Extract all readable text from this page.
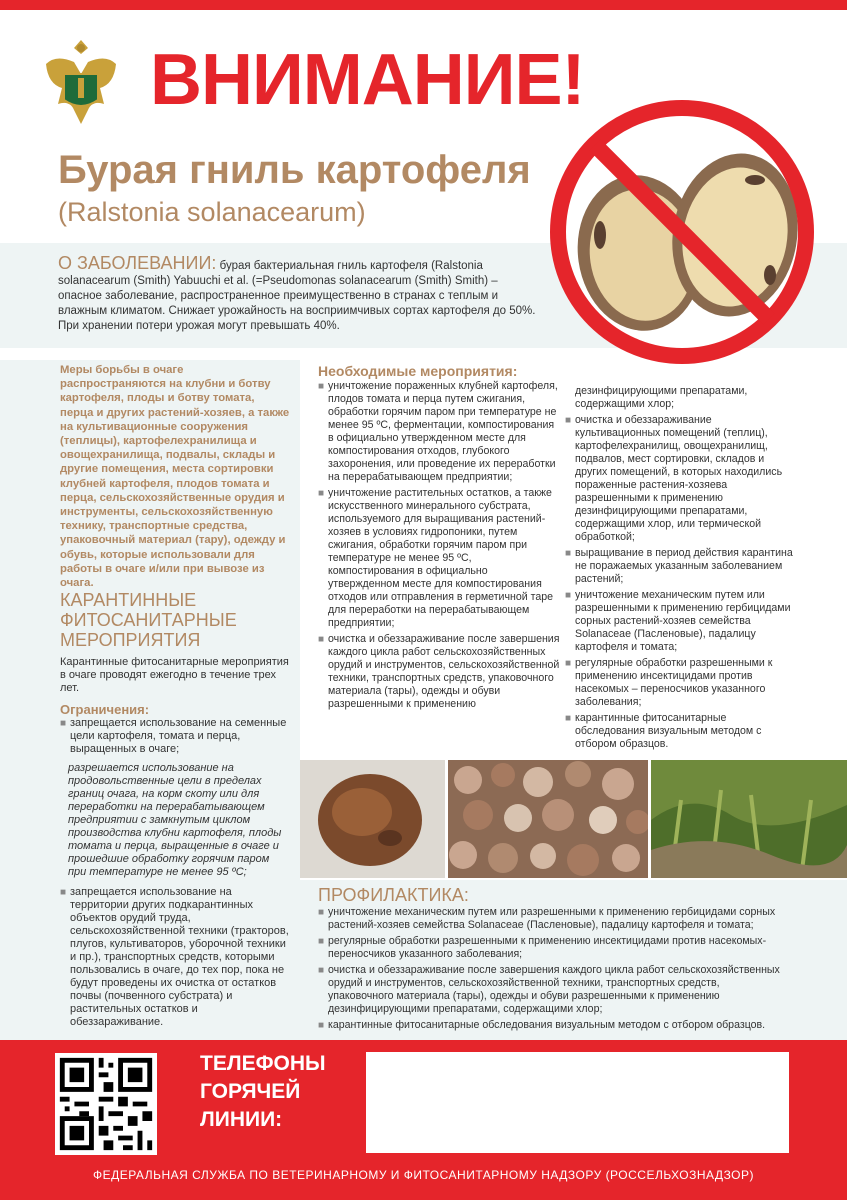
ВНИМАНИЕ!
Бурая гниль картофеля
(Ralstonia solanacearum)
О ЗАБОЛЕВАНИИ: бурая бактериальная гниль картофеля (Ralstonia solanacearum (Smith) Yabuuchi et al. (=Pseudomonas solanacearum (Smith) Smith) – опасное заболевание, распространенное преимущественно в странах с теплым и влажным климатом. Снижает урожайность на восприимчивых сортах картофеля до 50%. При хранении потери урожая могут превышать 40%.
Меры борьбы в очаге распространяются на клубни и ботву картофеля, плоды и ботву томата, перца и других растений-хозяев, а также на культивационные сооружения (теплицы), картофелехранилища и овощехранилища, подвалы, склады и другие помещения, места сортировки клубней картофеля, плодов томата и перца, сельскохозяйственные орудия и инструменты, сельскохозяйственную технику, транспортные средства, упаковочный материал (тару), одежду и обувь, которые использовали для работы в очаге и/или при вывозе из очага.
КАРАНТИННЫЕ ФИТОСАНИТАРНЫЕ МЕРОПРИЯТИЯ
Карантинные фитосанитарные мероприятия в очаге проводят ежегодно в течение трех лет.
Ограничения:
■ запрещается использование на семенные цели картофеля, томата и перца, выращенных в очаге;
разрешается использование на продовольственные цели в пределах границ очага, на корм скоту или для переработки на перерабатывающем предприятии с замкнутым циклом производства клубни картофеля, плоды томата и перца, выращенные в очаге и прошедшие обработку горячим паром при температуре не менее 95 ºС;
■ запрещается использование на территории других подкарантинных объектов орудий труда, сельскохозяйственной техники (тракторов, плугов, культиваторов, уборочной техники и пр.), транспортных средств, которыми пользовались в очаге, до тех пор, пока не будут проведены их очистка от остатков почвы (почвенного субстрата) и растительных остатков и обеззараживание.
Необходимые мероприятия:
■ уничтожение пораженных клубней картофеля, плодов томата и перца путем сжигания, обработки горячим паром при температуре не менее 95 ºС, ферментации, компостирования в официально утвержденном месте для компостирования отходов, глубокого захоронения, или проведение их переработки на перерабатывающем предприятии;
■ уничтожение растительных остатков, а также искусственного минерального субстрата, используемого для выращивания растений-хозяев в условиях гидропоники, путем сжигания, обработки горячим паром при температуре не менее 95 ºС, компостирования в официально утвержденном месте для компостирования отходов или отправления в герметичной таре для переработки на перерабатывающем предприятии;
■ очистка и обеззараживание после завершения каждого цикла работ сельскохозяйственных орудий и инструментов, сельскохозяйственной техники, транспортных средств, упаковочного материала (тары), одежды и обуви разрешенными к применению
дезинфицирующими препаратами, содержащими хлор;
■ очистка и обеззараживание культивационных помещений (теплиц), картофелехранилищ, овощехранилищ, подвалов, мест сортировки, складов и других помещений, в которых находились пораженные растения-хозяева разрешенными к применению дезинфицирующими препаратами, содержащими хлор, или термической обработкой;
■ выращивание в период действия карантина не поражаемых указанным заболеванием растений;
■ уничтожение механическим путем или разрешенными к применению гербицидами сорных растений-хозяев семейства Solanaceae (Пасленовые), падалицу картофеля и томата;
■ регулярные обработки разрешенными к применению инсектицидами против насекомых – переносчиков указанного заболевания;
■ карантинные фитосанитарные обследования визуальным методом с отбором образцов.
ПРОФИЛАКТИКА:
■ уничтожение механическим путем или разрешенными к применению гербицидами сорных растений-хозяев семейства Solanaceae (Пасленовые), падалицу картофеля и томата;
■ регулярные обработки разрешенными к применению инсектицидами против насекомых-переносчиков указанного заболевания;
■ очистка и обеззараживание после завершения каждого цикла работ сельскохозяйственных орудий и инструментов, сельскохозяйственной техники, транспортных средств, упаковочного материала (тары), одежды и обуви разрешенными к применению дезинфицирующими препаратами, содержащими хлор;
■ карантинные фитосанитарные обследования визуальным методом с отбором образцов.
ТЕЛЕФОНЫ
ГОРЯЧЕЙ
ЛИНИИ:
ФЕДЕРАЛЬНАЯ СЛУЖБА ПО ВЕТЕРИНАРНОМУ И ФИТОСАНИТАРНОМУ НАДЗОРУ (РОССЕЛЬХОЗНАДЗОР)
